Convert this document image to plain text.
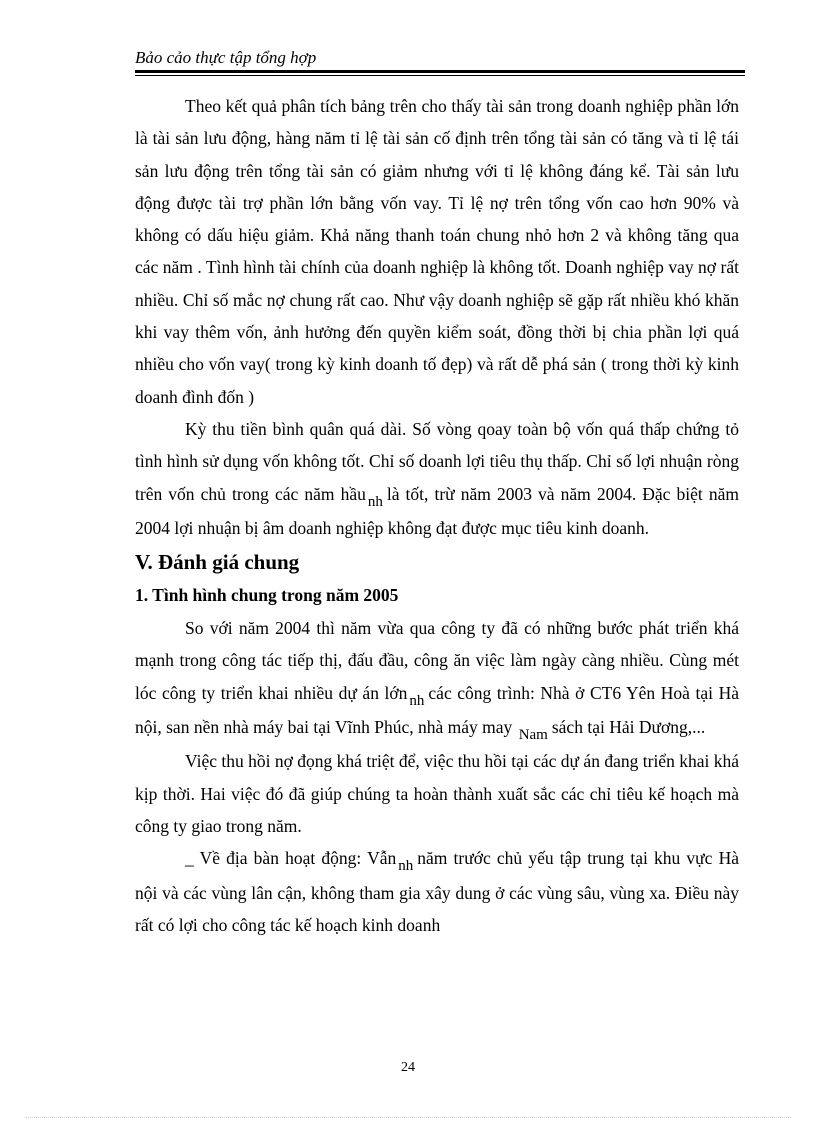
Bảo cảo thực tập tổng hợp

Theo kết quả phân tích bảng trên cho thấy tài sản trong doanh nghiệp phần lớn là tài sản lưu động, hàng năm tỉ lệ tài sản cố định trên tổng tài sản có tăng và tỉ lệ tái sản lưu động trên tổng tài sản có giảm nhưng với tỉ lệ không đáng kể. Tài sản lưu động được tài trợ phần lớn bằng vốn vay. Tỉ lệ nợ trên tổng vốn cao hơn 90% và không có dấu hiệu giảm. Khả năng thanh toán chung nhỏ hơn 2 và không tăng qua các năm . Tình hình tài chính của doanh nghiệp là không tốt. Doanh nghiệp vay nợ rất nhiều. Chỉ số mắc nợ chung rất cao. Như vậy doanh nghiệp sẽ gặp rất nhiều khó khăn khi vay thêm vốn, ảnh hưởng đến quyền kiểm soát, đồng thời bị chia phần lợi quá nhiều cho vốn vay( trong kỳ kinh doanh tố đẹp) và rất dễ phá sản ( trong thời kỳ kinh doanh đình đốn )

Kỳ thu tiền bình quân quá dài. Số vòng qoay toàn bộ vốn quá thấp chứng tỏ tình hình sử dụng vốn không tốt. Chỉ số doanh lợi tiêu thụ thấp. Chỉ số lợi nhuận ròng trên vốn chủ trong các năm hầu nh là tốt, trừ năm 2003 và năm 2004. Đặc biệt năm 2004 lợi nhuận bị âm doanh nghiệp không đạt được mục tiêu kinh doanh.

V. Đánh giá chung
1. Tình hình chung trong năm 2005

So với năm 2004 thì năm vừa qua công ty đã có những bước phát triển khá mạnh trong công tác tiếp thị, đấu đầu, công ăn việc làm ngày càng nhiều. Cùng mét lóc công ty triển khai nhiều dự án lớn nh các công trình: Nhà ở CT6 Yên Hoà tại Hà nội, san nền nhà máy bai tại Vĩnh Phúc, nhà máy may Nam sách tại Hải Dương,...

Việc thu hồi nợ đọng khá triệt để, việc thu hồi tại các dự án đang triển khai khá kịp thời. Hai việc đó đã giúp chúng ta hoàn thành xuất sắc các chỉ tiêu kế hoạch mà công ty giao trong năm.

_ Về địa bàn hoạt động: Vẫn nh năm trước chủ yếu tập trung tại khu vực Hà nội và các vùng lân cận, không tham gia xây dung ở các vùng sâu, vùng xa. Điều này rất có lợi cho công tác kế hoạch kinh doanh

24
